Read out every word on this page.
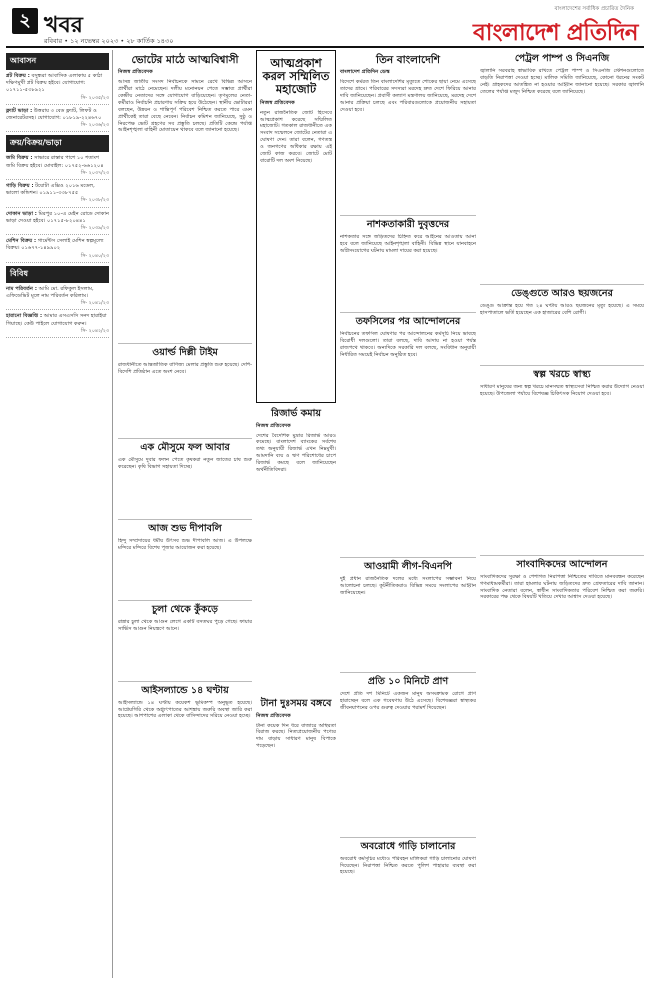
২ খবর
রবিবার • ১২ নভেম্বর ২০২৩ • ২৮ কার্তিক ১৪৩০
বাংলাদেশের সর্বাধিক প্রচারিত দৈনিক
বাংলাদেশ প্রতিদিন
আবাসন
প্লট বিক্রয় : বসুন্ধরা আবাসিক এলাকায় ৫ কাঠা দক্ষিণমুখী প্লট বিক্রয় হইবে। যোগাযোগ: ০১৭১১-৫৩৮৯২১
সি- ২০৩৫/২৩
ফ্ল্যাট ভাড়া : উত্তরায় ৩ বেড ফ্ল্যাট, লিফট ও জেনারেটরসহ। যোগাযোগ: ০১৮১৯-২২৪৬৭০
সি- ২০৩৬/২৩
ক্রয়/বিক্রয়/ভাড়া
জমি বিক্রয় : সাভারে রাস্তার পাশে ১০ শতাংশ জমি বিক্রয় হইবে। মোবাইল: ০১৭৫২-৬৬১২০৪
সি- ২০৩৭/২৩
গাড়ি বিক্রয় : টয়োটা এক্সিও ২০১৬ মডেল, ভালো কন্ডিশন। ০১৯১১-৩৩৮৭৫৫
সি- ২০৩৮/২৩
দোকান ভাড়া : মিরপুর ১০-এ মেইন রোডে দোকান ভাড়া দেওয়া হইবে। ০১৭১৫-৮২০৪৪১
সি- ২০৩৯/২৩
মেশিন বিক্রয় : গার্মেন্টস সেলাই মেশিন স্বল্পমূল্যে বিক্রয়। ০১৬৭৭-১৪৯৯০২
সি- ২০৪০/২৩
বিবিধ
নাম পরিবর্তন : আমি মো. রফিকুল ইসলাম, এফিডেভিট মূলে নাম পরিবর্তন করিলাম।
সি- ২০৪১/২৩
হারানো বিজ্ঞপ্তি : আমার এসএসসি সনদ হারাইয়া গিয়াছে। কেউ পাইলে যোগাযোগ করুন।
সি- ২০৪২/২৩
ভোটের মাঠে আত্মবিশ্বাসী
নিজস্ব প্রতিবেদক
আসন্ন জাতীয় সংসদ নির্বাচনকে সামনে রেখে বিভিন্ন আসনে প্রার্থীরা মাঠে নেমেছেন। দলীয় মনোনয়ন পেতে সম্ভাব্য প্রার্থীরা কেন্দ্রীয় নেতাদের সঙ্গে যোগাযোগ বাড়িয়েছেন। তৃণমূলের নেতা-কর্মীরাও নির্বাচনি প্রচারণায় সক্রিয় হয়ে উঠেছেন। স্থানীয় ভোটাররা বলছেন, উন্নয়ন ও শান্তিপূর্ণ পরিবেশ নিশ্চিত করতে পারে এমন প্রার্থীকেই তারা বেছে নেবেন। নির্বাচন কমিশন জানিয়েছে, সুষ্ঠু ও নিরপেক্ষ ভোট গ্রহণের সব প্রস্তুতি চলছে। প্রতিটি কেন্দ্রে পর্যাপ্ত আইনশৃঙ্খলা বাহিনী মোতায়েন থাকবে বলে জানানো হয়েছে।
ওয়ার্ল্ড দিল্লী টাইম
রাজধানীতে আন্তর্জাতিক বাণিজ্য মেলার প্রস্তুতি শুরু হয়েছে। দেশি-বিদেশি প্রতিষ্ঠান এতে অংশ নেবে।
এক মৌসুমে ফল আবার
এক মৌসুমে দুবার ফলন পেতে কৃষকরা নতুন জাতের চাষ শুরু করেছেন। কৃষি বিভাগ সহায়তা দিচ্ছে।
আজ শুভ দীপাবলি
হিন্দু সম্প্রদায়ের ধর্মীয় উৎসব শুভ দীপাবলি আজ। এ উপলক্ষে মন্দিরে মন্দিরে বিশেষ পূজার আয়োজন করা হয়েছে।
চুলা থেকে কুঁকড়ে
রান্নার চুলা থেকে আগুন লেগে একটি বসতঘর পুড়ে গেছে। ফায়ার সার্ভিস আগুন নিয়ন্ত্রণে আনে।
আইসল্যান্ডে ১৪ ঘণ্টায়
আইসল্যান্ডে ১৪ ঘণ্টায় কয়েকশ ভূমিকম্প অনুভূত হয়েছে। আগ্নেয়গিরি থেকে অগ্ন্যুৎপাতের আশঙ্কায় জরুরি অবস্থা জারি করা হয়েছে। আশপাশের এলাকা থেকে বাসিন্দাদের সরিয়ে নেওয়া হচ্ছে।
আত্মপ্রকাশ করল সম্মিলিত মহাজোট
নিজস্ব প্রতিবেদক
নতুন রাজনৈতিক জোট হিসেবে আত্মপ্রকাশ করেছে সম্মিলিত মহাজোট। গতকাল রাজধানীতে এক সংবাদ সম্মেলনে জোটের নেতারা এ ঘোষণা দেন। তারা বলেন, গণতন্ত্র ও জনগণের অধিকার রক্ষায় এই জোট কাজ করবে। জোটে মোট বারোটি দল অংশ নিয়েছে।
রিজার্ভ কমায়
নিজস্ব প্রতিবেদক
দেশের বৈদেশিক মুদ্রার রিজার্ভ আরও কমেছে। বাংলাদেশ ব্যাংকের সর্বশেষ তথ্য অনুযায়ী রিজার্ভ এখন নিম্নমুখী। আমদানি ব্যয় ও ঋণ পরিশোধের চাপে রিজার্ভ কমছে বলে জানিয়েছেন অর্থনীতিবিদরা।
টানা দুঃসময় বঙ্গবে
নিজস্ব প্রতিবেদক
টানা কয়েক দিন ধরে বাজারে অস্থিরতা বিরাজ করছে। নিত্যপ্রয়োজনীয় পণ্যের দাম বাড়ায় সাধারণ মানুষ বিপাকে পড়েছেন।
তিন বাংলাদেশি
বাংলাদেশ প্রতিদিন ডেস্ক
বিদেশে কর্মরত তিন বাংলাদেশির মৃত্যুতে শোকের ছায়া নেমে এসেছে তাদের গ্রামে। পরিবারের সদস্যরা মরদেহ দ্রুত দেশে ফিরিয়ে আনার দাবি জানিয়েছেন। প্রবাসী কল্যাণ মন্ত্রণালয় জানিয়েছে, মরদেহ দেশে আনার প্রক্রিয়া চলছে এবং পরিবারগুলোকে প্রয়োজনীয় সহায়তা দেওয়া হবে।
নাশকতাকারী দুবৃত্তদের
নাশকতার সঙ্গে জড়িতদের চিহ্নিত করে আইনের আওতায় আনা হবে বলে জানিয়েছে আইনশৃঙ্খলা বাহিনী। বিভিন্ন স্থানে যানবাহনে অগ্নিসংযোগের ঘটনায় মামলা দায়ের করা হয়েছে।
তফসিলের পর আন্দোলনের
নির্বাচনের তফসিল ঘোষণার পর আন্দোলনের কর্মসূচি নিয়ে ভাবছে বিরোধী দলগুলো। তারা বলছে, দাবি আদায় না হওয়া পর্যন্ত রাজপথে থাকবে। অন্যদিকে সরকারি দল বলছে, সংবিধান অনুযায়ী নির্ধারিত সময়েই নির্বাচন অনুষ্ঠিত হবে।
আওয়ামী লীগ-বিএনপি
দুই প্রধান রাজনৈতিক দলের মধ্যে সংলাপের সম্ভাবনা নিয়ে আলোচনা চলছে। কূটনীতিকরাও বিভিন্ন সময়ে সংলাপের আহ্বান জানিয়েছেন।
প্রতি ১০ মিনিটে প্রাণ
দেশে প্রতি দশ মিনিটে একজন মানুষ অসংক্রামক রোগে প্রাণ হারাচ্ছেন বলে এক গবেষণায় উঠে এসেছে। বিশেষজ্ঞরা স্বাস্থ্যকর জীবনযাপনের ওপর গুরুত্ব দেওয়ার পরামর্শ দিয়েছেন।
অবরোধে গাড়ি চালানোর
অবরোধ কর্মসূচির মধ্যেও পরিবহন মালিকরা গাড়ি চালানোর ঘোষণা দিয়েছেন। নিরাপত্তা নিশ্চিত করতে পুলিশ পাহারার ব্যবস্থা করা হয়েছে।
পেট্রল পাম্প ও সিএনজি
জ্বালানি সরবরাহ স্বাভাবিক রাখতে পেট্রল পাম্প ও সিএনজি স্টেশনগুলোতে বাড়তি নিরাপত্তা দেওয়া হচ্ছে। মালিক সমিতি জানিয়েছে, কোনো ধরনের সংকট নেই। গ্রাহকদের আতঙ্কিত না হওয়ার আহ্বান জানানো হয়েছে। সরকার জ্বালানি তেলের পর্যাপ্ত মজুদ নিশ্চিত করেছে বলে জানিয়েছে।
ডেঙ্গুতে আরও ছয়জনের
ডেঙ্গু আক্রান্ত হয়ে গত ২৪ ঘণ্টায় আরও ছয়জনের মৃত্যু হয়েছে। এ সময়ে হাসপাতালে ভর্তি হয়েছেন এক হাজারের বেশি রোগী।
স্বল্প খরচে স্বাস্থ্য
সাধারণ মানুষের জন্য স্বল্প খরচে মানসম্মত স্বাস্থ্যসেবা নিশ্চিত করার উদ্যোগ নেওয়া হয়েছে। উপজেলা পর্যায়ে বিশেষজ্ঞ চিকিৎসক নিয়োগ দেওয়া হবে।
সাংবাদিকদের আন্দোলন
সাংবাদিকদের সুরক্ষা ও পেশাগত নিরাপত্তা নিশ্চিতের দাবিতে মানববন্ধন করেছেন গণমাধ্যমকর্মীরা। তারা হামলার ঘটনায় জড়িতদের দ্রুত গ্রেফতারের দাবি জানান। সাংবাদিক নেতারা বলেন, স্বাধীন সাংবাদিকতার পরিবেশ নিশ্চিত করা জরুরি। সরকারের পক্ষ থেকে বিষয়টি খতিয়ে দেখার আশ্বাস দেওয়া হয়েছে।
